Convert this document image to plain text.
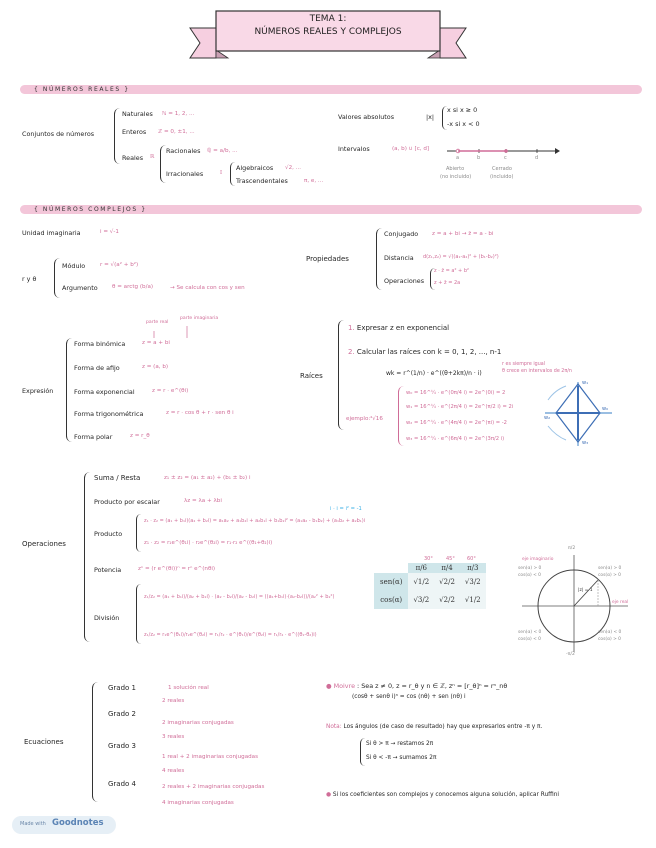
TEMA 1:
NÚMEROS REALES Y COMPLEJOS
{ NÚMEROS REALES }
Conjuntos de números
Naturales ℕ = 1, 2, ...
Enteros ℤ = 0, ±1, ...
Reales ℝ
Racionales ℚ = a/b, ...
Irracionales	𝕀
Algebraicos √2, ...
Trascendentales	π, e, ...
Valores absolutos	|x|
x si x ≥ 0
-x si x < 0
Intervalos	(a, b) ∪ [c, d]
a	b	c	d
Abierto
(no incluido)
Cerrado
(incluido)
{ NÚMEROS COMPLEJOS }
Unidad imaginaria	i = √-1
r y θ
Módulo	r = √(a² + b²)
Argumento	θ = arctg (b/a)	→ Se calcula con cos y sen
Propiedades
Conjugado z = a + bi → z̄ = a - bi
Distancia d(z₁,z₂) = √((a₁-a₂)² + (b₁-b₂)²)
Operaciones
z · z̄ = a² + b²
z + z̄ = 2a
parte real
parte imaginaria
Expresión
Forma binómica	z = a + bi
Forma de afijo	z = (a, b)
Forma exponencial	z = r · e^(θi)
Forma trigonométrica	z = r · cos θ + r · sen θ i
Forma polar	z = r_θ
Raíces
1. Expresar z en exponencial
2. Calcular las raíces con k = 0, 1, 2, ..., n-1
wk = r^(1/n) · e^((θ+2kπ)/n · i)
r es siempre igual
θ crece en intervalos de 2π/n
ejemplo: ⁴√16
w₀ = 16^¼ · e^(0π/4 i) = 2e^(0i) = 2
w₁ = 16^¼ · e^(2π/4 i) = 2e^(π/2 i) = 2i
w₂ = 16^¼ · e^(4π/4 i) = 2e^(πi) = -2
w₃ = 16^¼ · e^(6π/4 i) = 2e^(3π/2 i)
w₀
w₁
w₂
w₃
Operaciones
Suma / Resta	z₁ ± z₂ = (a₁ ± a₂) + (b₁ ± b₂) i
Producto por escalar	λz = λa + λbi
i · i = i² = -1
Producto
z₁ · z₂ = (a₁ + b₁i)(a₂ + b₂i) = a₁a₂ + a₁b₂i + a₂b₁i + b₁b₂i² = (a₁a₂ - b₁b₂) + (a₁b₂ + a₂b₁)i
z₁ · z₂ = r₁e^(θ₁i) · r₂e^(θ₂i) = r₁·r₂ e^((θ₁+θ₂)i)
Potencia	zⁿ = (r e^(θi))ⁿ = rⁿ e^(nθi)
División
z₁/z₂ = (a₁ + b₁i)/(a₂ + b₂i) · (a₂ - b₂i)/(a₂ - b₂i) = ((a₁+b₁i)·(a₂-b₂i))/(a₂² + b₂²)
z₁/z₂ = r₁e^(θ₁i)/r₂e^(θ₂i) = r₁/r₂ · e^(θ₁i)/e^(θ₂i) = r₁/r₂ · e^((θ₁-θ₂)i)
30°	45° 60°
	π/6	π/4	π/3
sen(α)	√1/2	√2/2	√3/2
cos(α)	√3/2	√2/2	√1/2
eje imaginario
π/2
-π/2
eje real
|z| = 1
sen(α) > 0
cos(α) > 0
sen(α) > 0
cos(α) < 0
sen(α) < 0
cos(α) < 0
sen(α) < 0
cos(α) > 0
Ecuaciones
Grado 1	1 solución real
Grado 2
2 reales
2 imaginarias conjugadas
Grado 3
3 reales
1 real + 2 imaginarias conjugadas
Grado 4
4 reales
2 reales + 2 imaginarias conjugadas
4 imaginarias conjugadas
● Moivre : Sea z ≠ 0, z = r_θ y n ∈ ℤ, zⁿ = [r_θ]ⁿ = rⁿ_nθ
(cosθ + senθ i)ⁿ = cos (nθ) + sen (nθ) i
Nota: Los ángulos (de caso de resultado) hay que expresarlos entre -π y π.
Si θ > π → restamos 2π
Si θ < -π → sumamos 2π
● Si los coeficientes son complejos y conocemos alguna solución, aplicar Ruffini
Made with Goodnotes
